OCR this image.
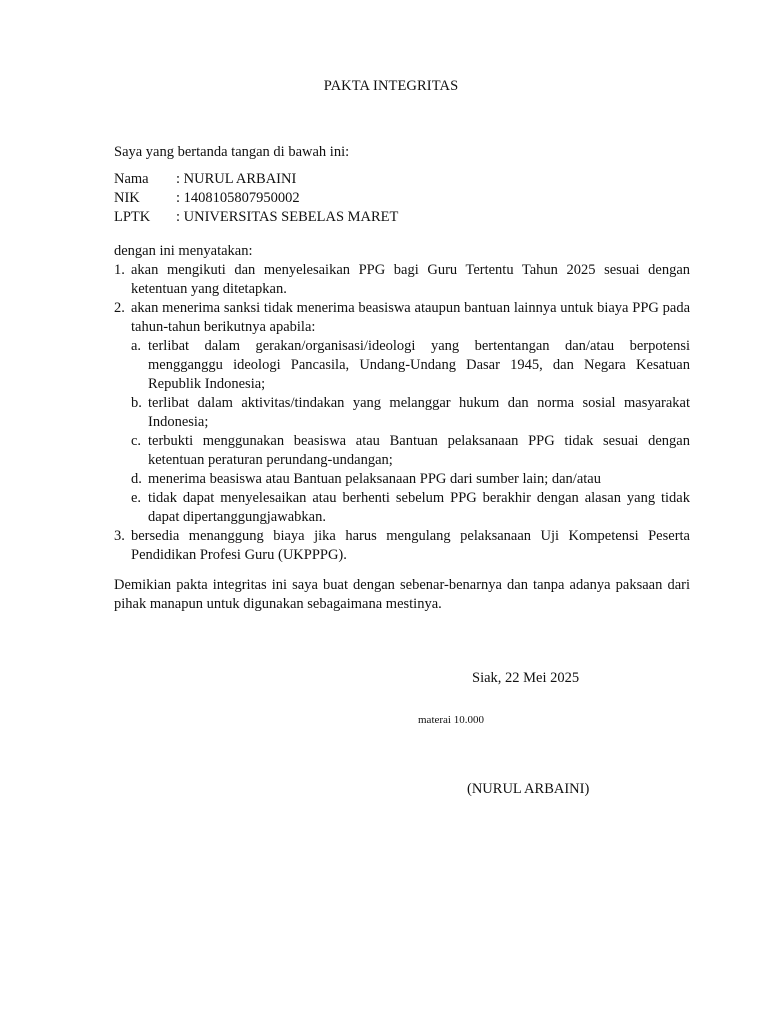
PAKTA INTEGRITAS
Saya yang bertanda tangan di bawah ini:
Nama	: NURUL ARBAINI
NIK	: 1408105807950002
LPTK	: UNIVERSITAS SEBELAS MARET
dengan ini menyatakan:
1. akan mengikuti dan menyelesaikan PPG bagi Guru Tertentu Tahun 2025 sesuai dengan ketentuan yang ditetapkan.
2. akan menerima sanksi tidak menerima beasiswa ataupun bantuan lainnya untuk biaya PPG pada tahun-tahun berikutnya apabila:
a. terlibat dalam gerakan/organisasi/ideologi yang bertentangan dan/atau berpotensi mengganggu ideologi Pancasila, Undang-Undang Dasar 1945, dan Negara Kesatuan Republik Indonesia;
b. terlibat dalam aktivitas/tindakan yang melanggar hukum dan norma sosial masyarakat Indonesia;
c. terbukti menggunakan beasiswa atau Bantuan pelaksanaan PPG tidak sesuai dengan ketentuan peraturan perundang-undangan;
d. menerima beasiswa atau Bantuan pelaksanaan PPG dari sumber lain; dan/atau
e. tidak dapat menyelesaikan atau berhenti sebelum PPG berakhir dengan alasan yang tidak dapat dipertanggungjawabkan.
3. bersedia menanggung biaya jika harus mengulang pelaksanaan Uji Kompetensi Peserta Pendidikan Profesi Guru (UKPPPG).
Demikian pakta integritas ini saya buat dengan sebenar-benarnya dan tanpa adanya paksaan dari pihak manapun untuk digunakan sebagaimana mestinya.
Siak, 22 Mei 2025
materai 10.000
(NURUL ARBAINI)
